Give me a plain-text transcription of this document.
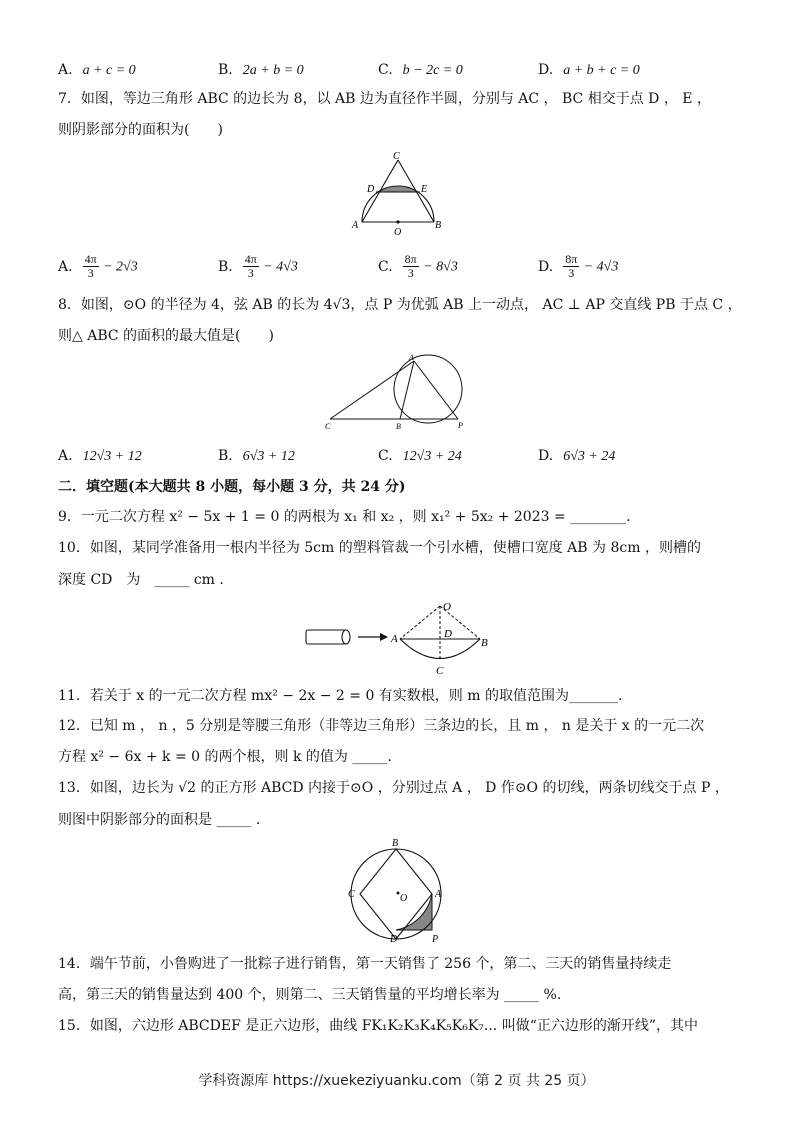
A. a + c = 0	B. 2a + b = 0	C. b − 2c = 0	D. a + b + c = 0
7．如图，等边三角形 ABC 的边长为 8，以 AB 边为直径作半圆，分别与 AC ， BC 相交于点 D ， E ，
则阴影部分的面积为(　　)
C
D	E
A
O
B
A. $\frac{4\pi}{3} - 2√3$	B. $\frac{4\pi}{3} - 4√3$	C. $\frac{8\pi}{3} - 8√3$	D. $\frac{8\pi}{3} - 4√3$
8．如图，⊙O 的半径为 4，弦 AB 的长为 4√3，点 P 为优弧 AB 上一动点， AC ⊥ AP 交直线 PB 于点 C ，
则△ ABC 的面积的最大值是(　　)
A
C	B	P
A. 12√3 + 12	B. 6√3 + 12	C. 12√3 + 24	D. 6√3 + 24
二．填空题(本大题共 8 小题，每小题 3 分，共 24 分)
9．一元二次方程 x² − 5x + 1 = 0 的两根为 x₁ 和 x₂ ，则 x₁² + 5x₂ + 2023 = ________.
10．如图，某同学准备用一根内半径为 5cm 的塑料管裁一个引水槽，使槽口宽度 AB 为 8cm ，则槽的
深度 CD　为　_____ cm .
O
A	D
B
C
11．若关于 x 的一元二次方程 mx² − 2x − 2 = 0 有实数根，则 m 的取值范围为_______.
12．已知 m ， n ，5 分别是等腰三角形（非等边三角形）三条边的长，且 m ， n 是关于 x 的一元二次
方程 x² − 6x + k = 0 的两个根，则 k 的值为 _____.
13．如图，边长为 √2 的正方形 ABCD 内接于⊙O ，分别过点 A ， D 作⊙O 的切线，两条切线交于点 P ，
则图中阴影部分的面积是 _____ .
B
C	O	A
D	P
14．端午节前，小鲁购进了一批粽子进行销售，第一天销售了 256 个，第二、三天的销售量持续走
高，第三天的销售量达到 400 个，则第二、三天销售量的平均增长率为 _____ %.
15．如图，六边形 ABCDEF 是正六边形，曲线 FK₁K₂K₃K₄K₅K₆K₇... 叫做“正六边形的渐开线”，其中
学科资源库 https://xuekeziyuanku.com（第 2 页 共 25 页）
